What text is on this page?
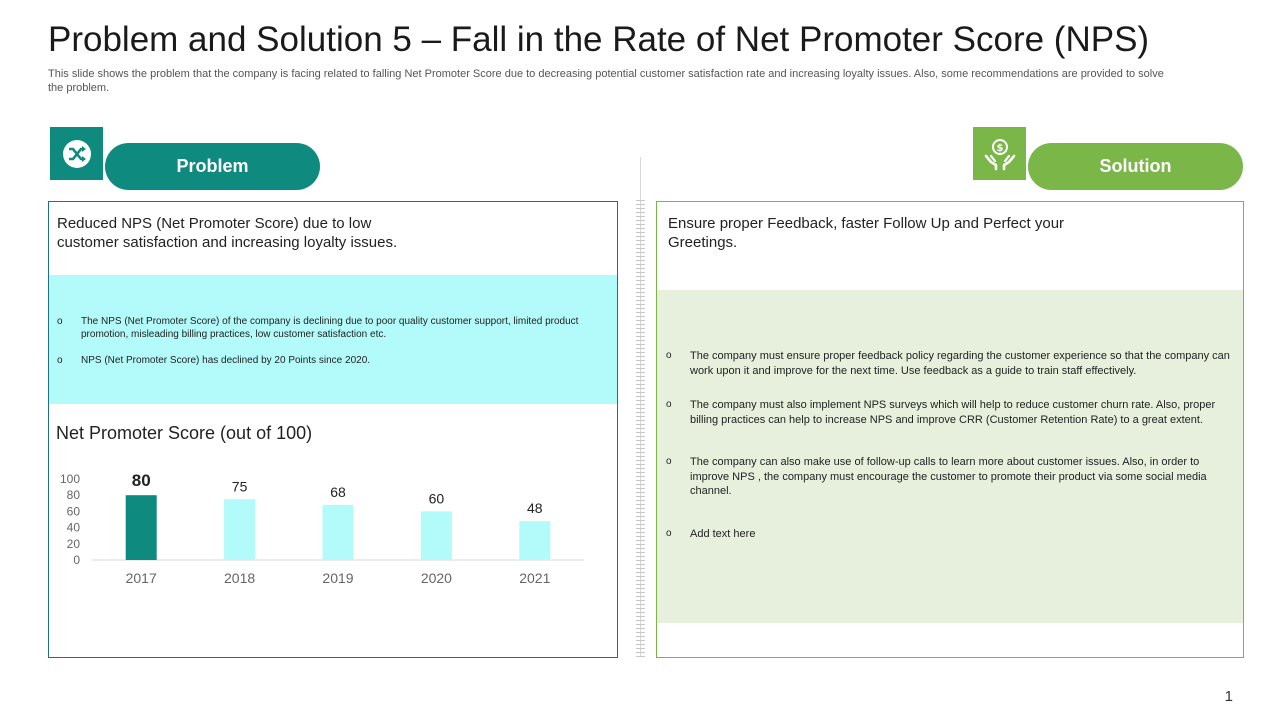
Problem and Solution 5 – Fall in the Rate of Net Promoter Score (NPS)
This slide shows the problem that the company is facing related to falling Net Promoter Score due to decreasing potential customer satisfaction rate and increasing loyalty issues. Also, some recommendations are provided to solve the problem.
Problem
$
Solution
Reduced NPS (Net Promoter Score) due to low customer satisfaction and increasing loyalty issues.
o The NPS (Net Promoter Score) of the company is declining due to poor quality customer support, limited product promotion, misleading billing practices, low customer satisfaction etc.
o NPS (Net Promoter Score) has declined by 20 Points since 2020.
Net Promoter Score (out of 100)
0
20
40
60
80
100	80
2017
75
2018
68
2019
60
2020
48
2021
Ensure proper Feedback, faster Follow Up and Perfect your Greetings.
o The company must ensure proper feedback policy regarding the customer experience so that the company can work upon it and improve for the next time. Use feedback as a guide to train staff effectively.
o The company must also implement NPS surveys which will help to reduce customer churn rate. Also, proper billing practices can help to increase NPS and improve CRR (Customer Retention Rate) to a great extent.
o The company can also make use of follow-up calls to learn more about customer issues. Also, in order to improve NPS , the company must encourage the customer to promote their product via some social media channel.
o Add text here
1
